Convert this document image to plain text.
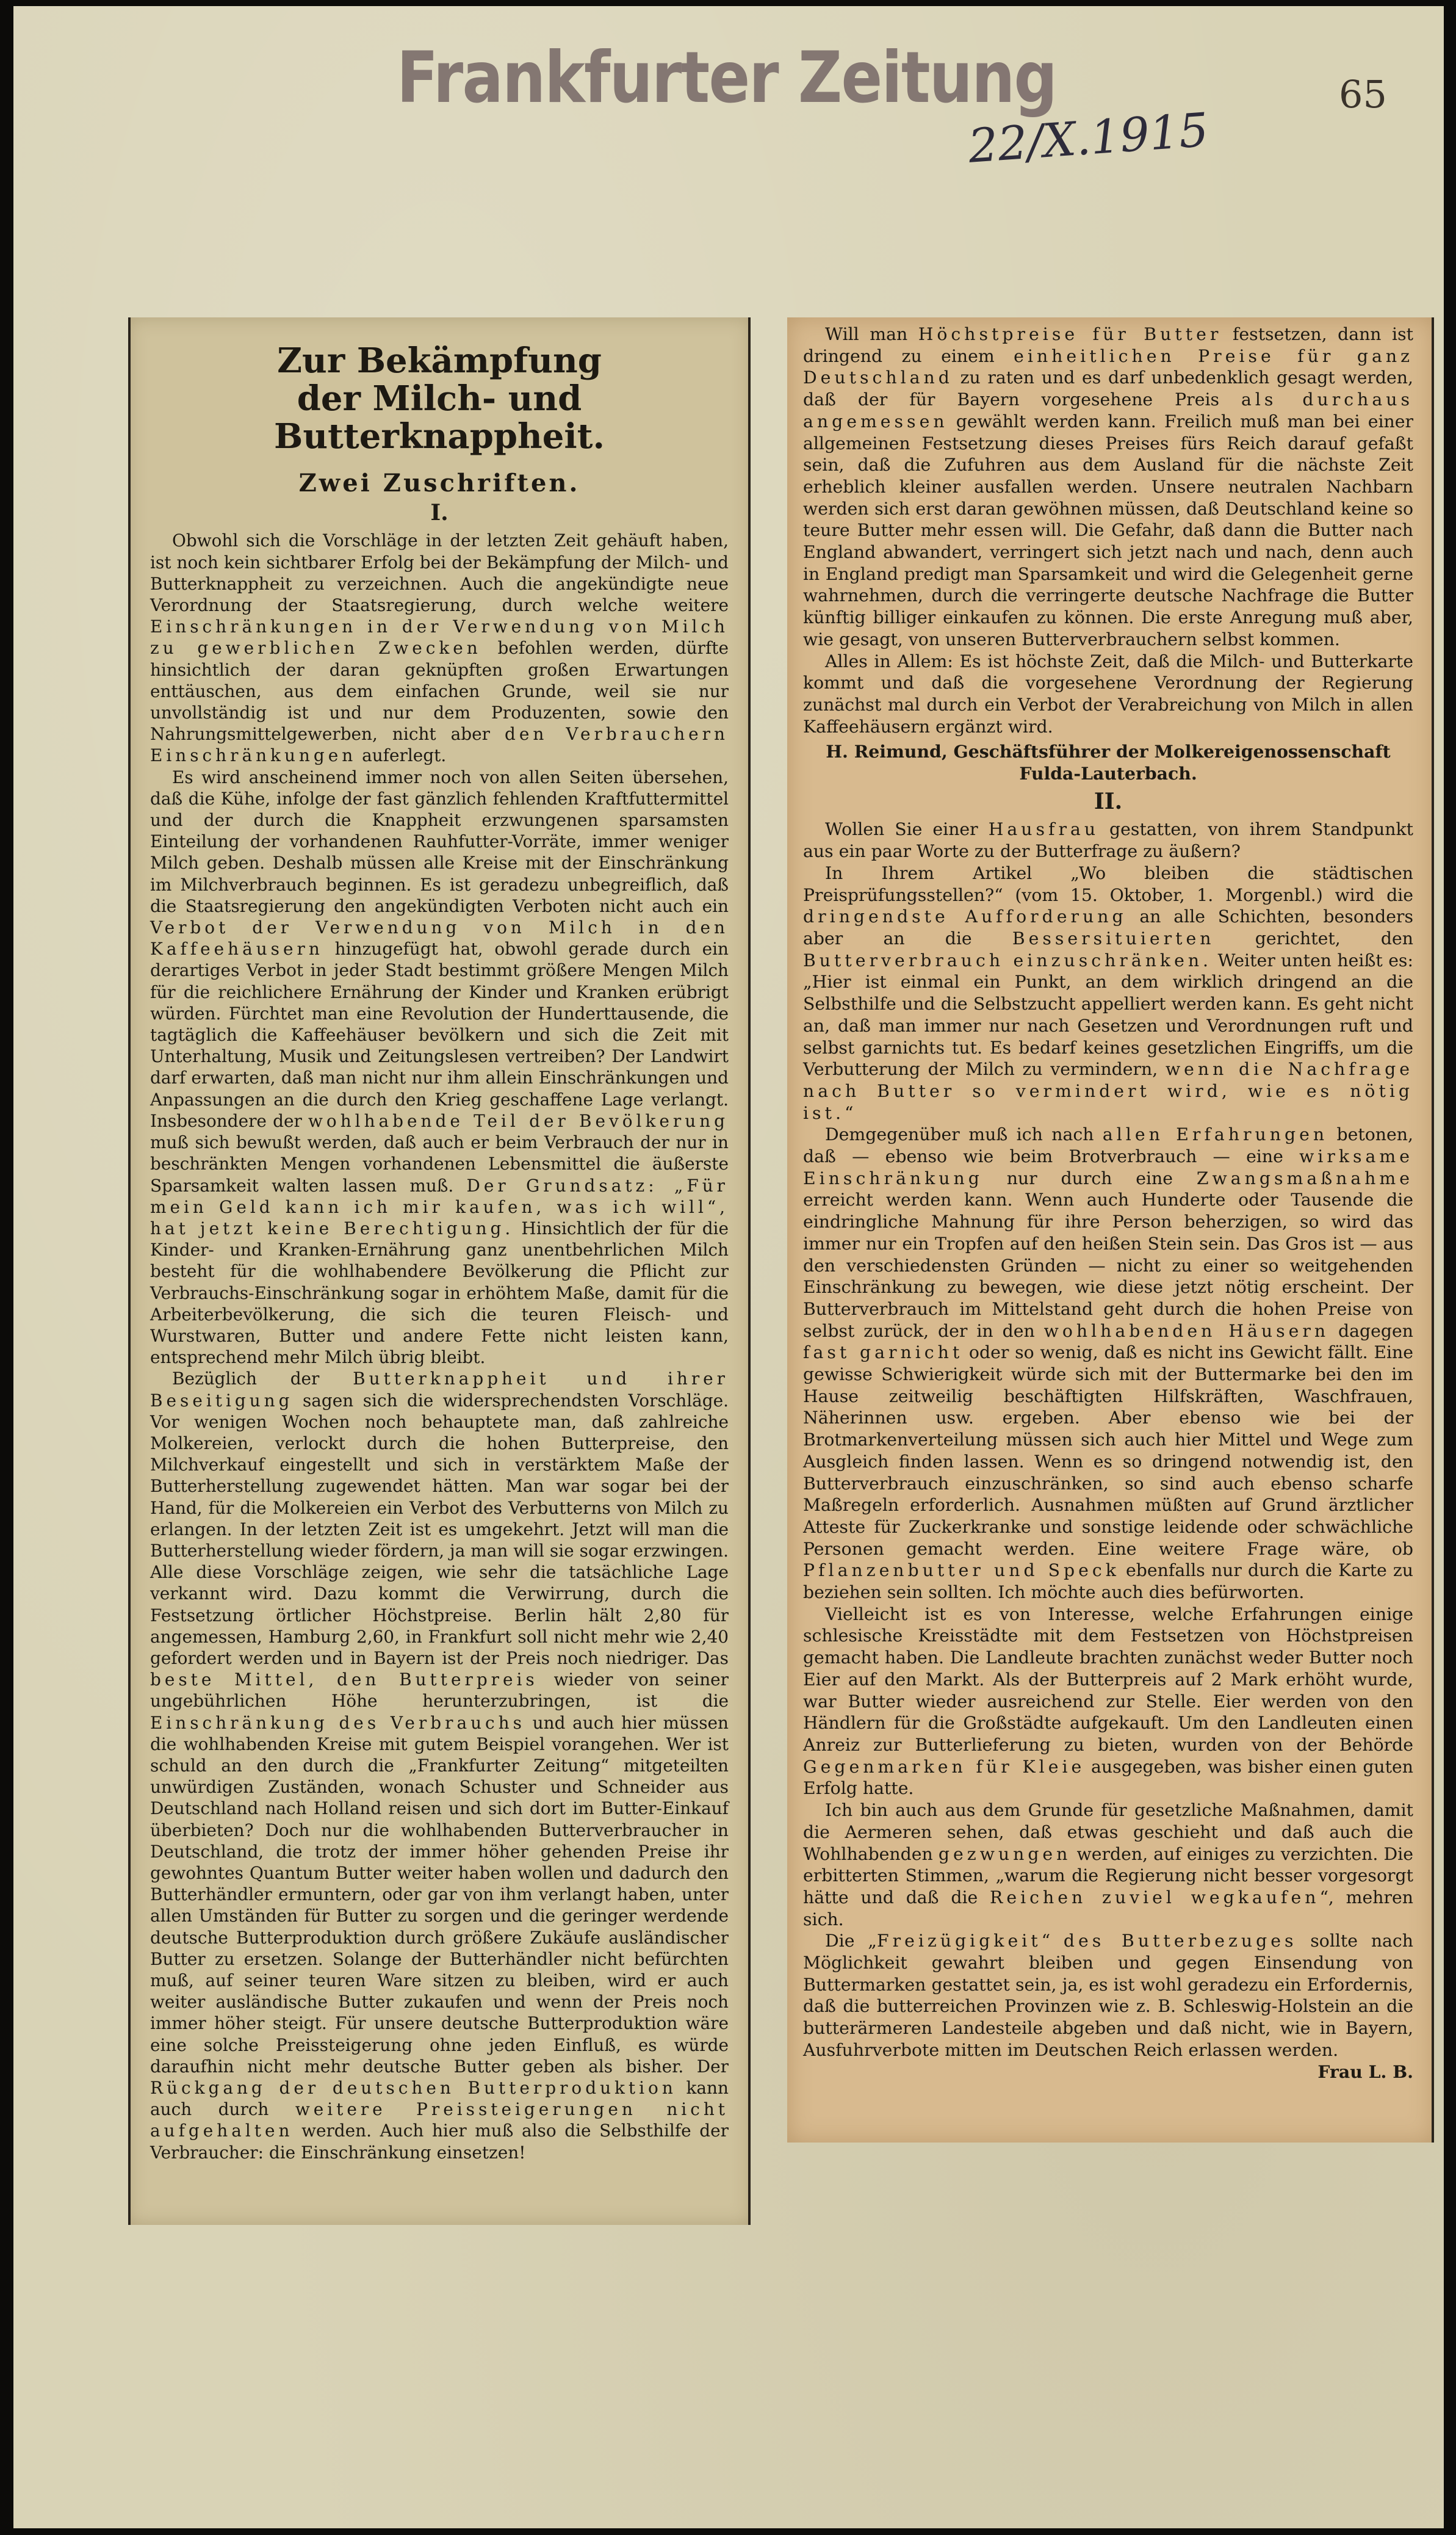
Frankfurter Zeitung	65
22/X.1915
Zur Bekämpfung
der Milch- und Butterknappheit.
Zwei Zuschriften.
I.

Obwohl sich die Vorschläge in der letzten Zeit gehäuft haben, ist noch kein sichtbarer Erfolg bei der Bekämpfung der Milch- und Butterknappheit zu verzeichnen. Auch die angekündigte neue Verordnung der Staatsregierung, durch welche weitere Einschränkungen in der Verwendung von Milch zu gewerblichen Zwecken befohlen werden, dürfte hinsichtlich der daran geknüpften großen Erwartungen enttäuschen, aus dem einfachen Grunde, weil sie nur unvollständig ist und nur dem Produzenten, sowie den Nahrungsmittelgewerben, nicht aber den Verbrauchern Einschränkungen auferlegt.

Es wird anscheinend immer noch von allen Seiten übersehen, daß die Kühe, infolge der fast gänzlich fehlenden Kraftfuttermittel und der durch die Knappheit erzwungenen sparsamsten Einteilung der vorhandenen Rauhfutter-Vorräte, immer weniger Milch geben. Deshalb müssen alle Kreise mit der Einschränkung im Milchverbrauch beginnen. Es ist geradezu unbegreiflich, daß die Staatsregierung den angekündigten Verboten nicht auch ein Verbot der Verwendung von Milch in den Kaffeehäusern hinzugefügt hat, obwohl gerade durch ein derartiges Verbot in jeder Stadt bestimmt größere Mengen Milch für die reichlichere Ernährung der Kinder und Kranken erübrigt würden. Fürchtet man eine Revolution der Hunderttausende, die tagtäglich die Kaffeehäuser bevölkern und sich die Zeit mit Unterhaltung, Musik und Zeitungslesen vertreiben? Der Landwirt darf erwarten, daß man nicht nur ihm allein Einschränkungen und Anpassungen an die durch den Krieg geschaffene Lage verlangt. Insbesondere der wohlhabende Teil der Bevölkerung muß sich bewußt werden, daß auch er beim Verbrauch der nur in beschränkten Mengen vorhandenen Lebensmittel die äußerste Sparsamkeit walten lassen muß. Der Grundsatz: „Für mein Geld kann ich mir kaufen, was ich will“, hat jetzt keine Berechtigung. Hinsichtlich der für die Kinder- und Kranken-Ernährung ganz unentbehrlichen Milch besteht für die wohlhabendere Bevölkerung die Pflicht zur Verbrauchs-Einschränkung sogar in erhöhtem Maße, damit für die Arbeiterbevölkerung, die sich die teuren Fleisch- und Wurstwaren, Butter und andere Fette nicht leisten kann, entsprechend mehr Milch übrig bleibt.

Bezüglich der Butterknappheit und ihrer Beseitigung sagen sich die widersprechendsten Vorschläge. Vor wenigen Wochen noch behauptete man, daß zahlreiche Molkereien, verlockt durch die hohen Butterpreise, den Milchverkauf eingestellt und sich in verstärktem Maße der Butterherstellung zugewendet hätten. Man war sogar bei der Hand, für die Molkereien ein Verbot des Verbutterns von Milch zu erlangen. In der letzten Zeit ist es umgekehrt. Jetzt will man die Butterherstellung wieder fördern, ja man will sie sogar erzwingen. Alle diese Vorschläge zeigen, wie sehr die tatsächliche Lage verkannt wird. Dazu kommt die Verwirrung, durch die Festsetzung örtlicher Höchstpreise. Berlin hält 2,80 für angemessen, Hamburg 2,60, in Frankfurt soll nicht mehr wie 2,40 gefordert werden und in Bayern ist der Preis noch niedriger. Das beste Mittel, den Butterpreis wieder von seiner ungebührlichen Höhe herunterzubringen, ist die Einschränkung des Verbrauchs und auch hier müssen die wohlhabenden Kreise mit gutem Beispiel vorangehen. Wer ist schuld an den durch die „Frankfurter Zeitung“ mitgeteilten unwürdigen Zuständen, wonach Schuster und Schneider aus Deutschland nach Holland reisen und sich dort im Butter-Einkauf überbieten? Doch nur die wohlhabenden Butterverbraucher in Deutschland, die trotz der immer höher gehenden Preise ihr gewohntes Quantum Butter weiter haben wollen und dadurch den Butterhändler ermuntern, oder gar von ihm verlangt haben, unter allen Umständen für Butter zu sorgen und die geringer werdende deutsche Butterproduktion durch größere Zukäufe ausländischer Butter zu ersetzen. Solange der Butterhändler nicht befürchten muß, auf seiner teuren Ware sitzen zu bleiben, wird er auch weiter ausländische Butter zukaufen und wenn der Preis noch immer höher steigt. Für unsere deutsche Butterproduktion wäre eine solche Preissteigerung ohne jeden Einfluß, es würde daraufhin nicht mehr deutsche Butter geben als bisher. Der Rückgang der deutschen Butterproduktion kann auch durch weitere Preissteigerungen nicht aufgehalten werden. Auch hier muß also die Selbsthilfe der Verbraucher: die Einschränkung einsetzen!

Will man Höchstpreise für Butter festsetzen, dann ist dringend zu einem einheitlichen Preise für ganz Deutschland zu raten und es darf unbedenklich gesagt werden, daß der für Bayern vorgesehene Preis als durchaus angemessen gewählt werden kann. Freilich muß man bei einer allgemeinen Festsetzung dieses Preises fürs Reich darauf gefaßt sein, daß die Zufuhren aus dem Ausland für die nächste Zeit erheblich kleiner ausfallen werden. Unsere neutralen Nachbarn werden sich erst daran gewöhnen müssen, daß Deutschland keine so teure Butter mehr essen will. Die Gefahr, daß dann die Butter nach England abwandert, verringert sich jetzt nach und nach, denn auch in England predigt man Sparsamkeit und wird die Gelegenheit gerne wahrnehmen, durch die verringerte deutsche Nachfrage die Butter künftig billiger einkaufen zu können. Die erste Anregung muß aber, wie gesagt, von unseren Butterverbrauchern selbst kommen.

Alles in Allem: Es ist höchste Zeit, daß die Milch- und Butterkarte kommt und daß die vorgesehene Verordnung der Regierung zunächst mal durch ein Verbot der Verabreichung von Milch in allen Kaffeehäusern ergänzt wird.

H. Reimund, Geschäftsführer der Molkereigenossenschaft Fulda-Lauterbach.

II.

Wollen Sie einer Hausfrau gestatten, von ihrem Standpunkt aus ein paar Worte zu der Butterfrage zu äußern?

In Ihrem Artikel „Wo bleiben die städtischen Preisprüfungsstellen?“ (vom 15. Oktober, 1. Morgenbl.) wird die dringendste Aufforderung an alle Schichten, besonders aber an die Bessersituierten gerichtet, den Butterverbrauch einzuschränken. Weiter unten heißt es: „Hier ist einmal ein Punkt, an dem wirklich dringend an die Selbsthilfe und die Selbstzucht appelliert werden kann. Es geht nicht an, daß man immer nur nach Gesetzen und Verordnungen ruft und selbst garnichts tut. Es bedarf keines gesetzlichen Eingriffs, um die Verbutterung der Milch zu vermindern, wenn die Nachfrage nach Butter so vermindert wird, wie es nötig ist.“

Demgegenüber muß ich nach allen Erfahrungen betonen, daß — ebenso wie beim Brotverbrauch — eine wirksame Einschränkung nur durch eine Zwangsmaßnahme erreicht werden kann. Wenn auch Hunderte oder Tausende die eindringliche Mahnung für ihre Person beherzigen, so wird das immer nur ein Tropfen auf den heißen Stein sein. Das Gros ist — aus den verschiedensten Gründen — nicht zu einer so weitgehenden Einschränkung zu bewegen, wie diese jetzt nötig erscheint. Der Butterverbrauch im Mittelstand geht durch die hohen Preise von selbst zurück, der in den wohlhabenden Häusern dagegen fast garnicht oder so wenig, daß es nicht ins Gewicht fällt. Eine gewisse Schwierigkeit würde sich mit der Buttermarke bei den im Hause zeitweilig beschäftigten Hilfskräften, Waschfrauen, Näherinnen usw. ergeben. Aber ebenso wie bei der Brotmarkenverteilung müssen sich auch hier Mittel und Wege zum Ausgleich finden lassen. Wenn es so dringend notwendig ist, den Butterverbrauch einzuschränken, so sind auch ebenso scharfe Maßregeln erforderlich. Ausnahmen müßten auf Grund ärztlicher Atteste für Zuckerkranke und sonstige leidende oder schwächliche Personen gemacht werden. Eine weitere Frage wäre, ob Pflanzenbutter und Speck ebenfalls nur durch die Karte zu beziehen sein sollten. Ich möchte auch dies befürworten.

Vielleicht ist es von Interesse, welche Erfahrungen einige schlesische Kreisstädte mit dem Festsetzen von Höchstpreisen gemacht haben. Die Landleute brachten zunächst weder Butter noch Eier auf den Markt. Als der Butterpreis auf 2 Mark erhöht wurde, war Butter wieder ausreichend zur Stelle. Eier werden von den Händlern für die Großstädte aufgekauft. Um den Landleuten einen Anreiz zur Butterlieferung zu bieten, wurden von der Behörde Gegenmarken für Kleie ausgegeben, was bisher einen guten Erfolg hatte.

Ich bin auch aus dem Grunde für gesetzliche Maßnahmen, damit die Aermeren sehen, daß etwas geschieht und daß auch die Wohlhabenden gezwungen werden, auf einiges zu verzichten. Die erbitterten Stimmen, „warum die Regierung nicht besser vorgesorgt hätte und daß die Reichen zuviel wegkaufen“, mehren sich.

Die „Freizügigkeit“ des Butterbezuges sollte nach Möglichkeit gewahrt bleiben und gegen Einsendung von Buttermarken gestattet sein, ja, es ist wohl geradezu ein Erfordernis, daß die butterreichen Provinzen wie z. B. Schleswig-Holstein an die butterärmeren Landesteile abgeben und daß nicht, wie in Bayern, Ausfuhrverbote mitten im Deutschen Reich erlassen werden.

Frau L. B.
